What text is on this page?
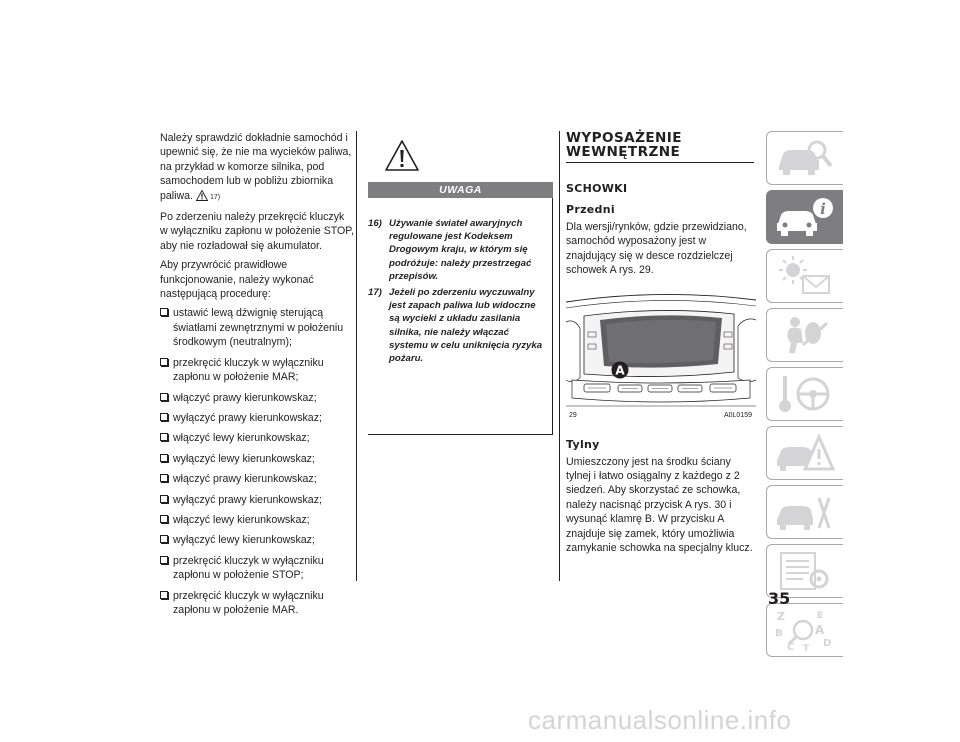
Należy sprawdzić dokładnie samochód i upewnić się, że nie ma wycieków paliwa, na przykład w komorze silnika, pod samochodem lub w pobliżu zbiornika paliwa. 17)

Po zderzeniu należy przekręcić kluczyk w wyłączniku zapłonu w położenie STOP, aby nie rozładował się akumulator.

Aby przywrócić prawidłowe funkcjonowanie, należy wykonać następującą procedurę:

ustawić lewą dźwignię sterującą światłami zewnętrznymi w położeniu środkowym (neutralnym);
przekręcić kluczyk w wyłączniku zapłonu w położenie MAR;
włączyć prawy kierunkowskaz;
wyłączyć prawy kierunkowskaz;
włączyć lewy kierunkowskaz;
wyłączyć lewy kierunkowskaz;
włączyć prawy kierunkowskaz;
wyłączyć prawy kierunkowskaz;
włączyć lewy kierunkowskaz;
wyłączyć lewy kierunkowskaz;
przekręcić kluczyk w wyłączniku zapłonu w położenie STOP;
przekręcić kluczyk w wyłączniku zapłonu w położenie MAR.
UWAGA
16) Używanie świateł awaryjnych regulowane jest Kodeksem Drogowym kraju, w którym się podróżuje: należy przestrzegać przepisów.
17) Jeżeli po zderzeniu wyczuwalny jest zapach paliwa lub widoczne są wycieki z układu zasilania silnika, nie należy włączać systemu w celu uniknięcia ryzyka pożaru.
WYPOSAŻENIE
WEWNĘTRZNE
SCHOWKI
Przedni

Dla wersji/rynków, gdzie przewidziano, samochód wyposażony jest w znajdujący się w desce rozdzielczej schowek A rys. 29.

A
29	A0L0159
Tylny

Umieszczony jest na środku ściany tylnej i łatwo osiągalny z każdego z 2 siedzeń. Aby skorzystać ze schowka, należy nacisnąć przycisk A rys. 30 i wysunąć klamrę B. W przycisku A znajduje się zamek, który umożliwia zamykanie schowka na specjalny klucz.

i
Z	E
A
B
C T D
35
carmanualsonline.info
